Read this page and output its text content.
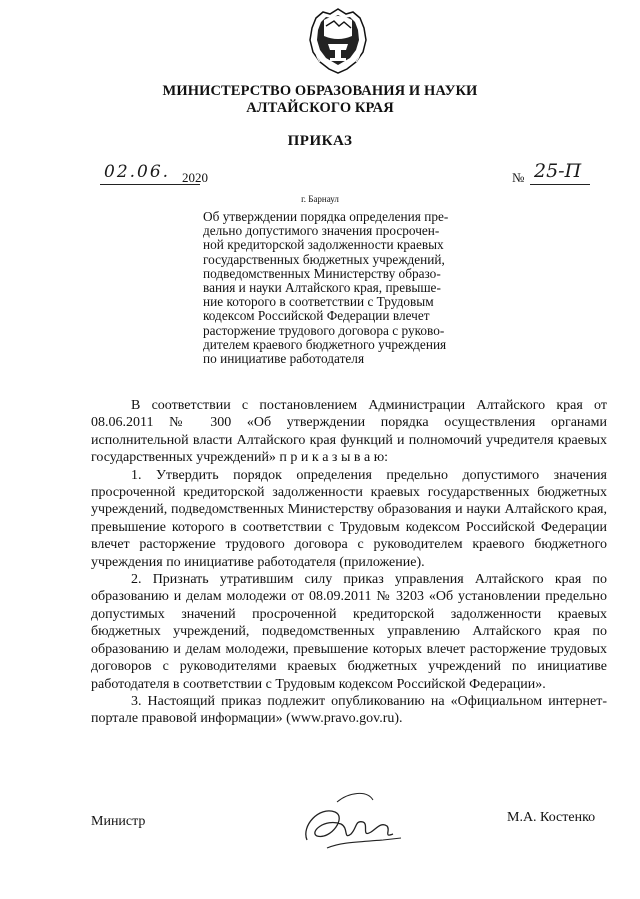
МИНИСТЕРСТВО ОБРАЗОВАНИЯ И НАУКИ
АЛТАЙСКОГО КРАЯ
ПРИКАЗ
02.06. 2020	№ 25-П
г. Барнаул
Об утверждении порядка определения пре-
дельно допустимого значения просрочен-
ной кредиторской задолженности краевых
государственных бюджетных учреждений,
подведомственных Министерству образо-
вания и науки Алтайского края, превыше-
ние которого в соответствии с Трудовым
кодексом Российской Федерации влечет
расторжение трудового договора с руково-
дителем краевого бюджетного учреждения
по инициативе работодателя

В соответствии с постановлением Администрации Алтайского края от 08.06.2011 № 300 «Об утверждении порядка осуществления органами исполнительной власти Алтайского края функций и полномочий учредителя краевых государственных учреждений» п р и к а з ы в а ю:

1. Утвердить порядок определения предельно допустимого значения просроченной кредиторской задолженности краевых государственных бюджетных учреждений, подведомственных Министерству образования и науки Алтайского края, превышение которого в соответствии с Трудовым кодексом Российской Федерации влечет расторжение трудового договора с руководителем краевого бюджетного учреждения по инициативе работодателя (приложение).

2. Признать утратившим силу приказ управления Алтайского края по образованию и делам молодежи от 08.09.2011 № 3203 «Об установлении предельно допустимых значений просроченной кредиторской задолженности краевых бюджетных учреждений, подведомственных управлению Алтайского края по образованию и делам молодежи, превышение которых влечет расторжение трудовых договоров с руководителями краевых бюджетных учреждений по инициативе работодателя в соответствии с Трудовым кодексом Российской Федерации».

3. Настоящий приказ подлежит опубликованию на «Официальном интернет-портале правовой информации» (www.pravo.gov.ru).

Министр	М.А. Костенко
